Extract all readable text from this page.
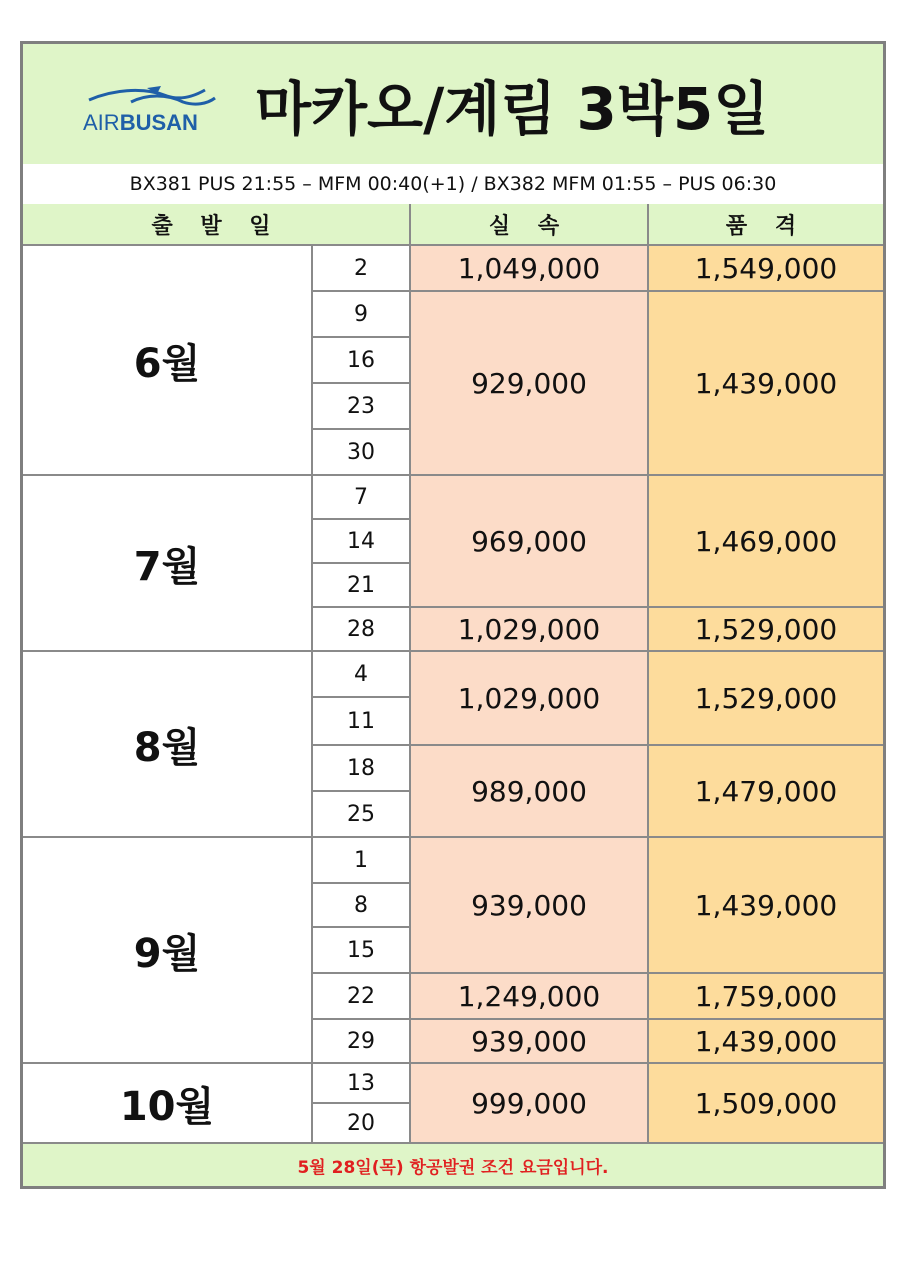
AIRBUSAN 마카오/계림 3박5일
BX381 PUS 21:55 – MFM 00:40(+1) / BX382 MFM 01:55 – PUS 06:30
출 발 일	실 속	품 격
6월
7월
8월
9월
10월
2
9
16
23
30
7
14
21
28
4
11
18
25
1
8
15
22
29
13
20
1,049,000
929,000
969,000
1,029,000
1,029,000
989,000
939,000
1,249,000
939,000
999,000
1,549,000
1,439,000
1,469,000
1,529,000
1,529,000
1,479,000
1,439,000
1,759,000
1,439,000
1,509,000
5월 28일(목) 항공발권 조건 요금입니다.
